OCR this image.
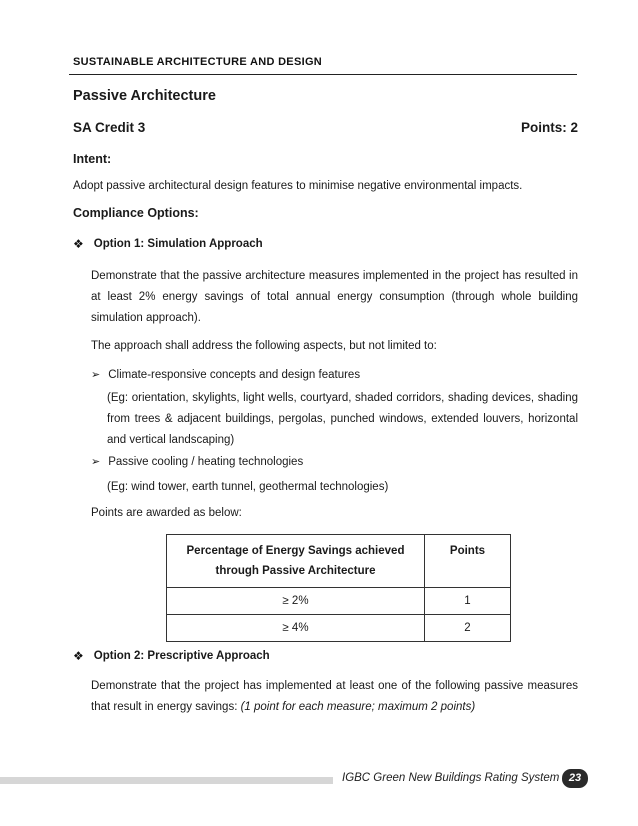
SUSTAINABLE ARCHITECTURE AND DESIGN
Passive Architecture
SA Credit 3	Points: 2
Intent:
Adopt passive architectural design features to minimise negative environmental impacts.
Compliance Options:
❖ Option 1: Simulation Approach
Demonstrate that the passive architecture measures implemented in the project has resulted in at least 2% energy savings of total annual energy consumption (through whole building simulation approach).
The approach shall address the following aspects, but not limited to:
➢ Climate-responsive concepts and design features
(Eg: orientation, skylights, light wells, courtyard, shaded corridors, shading devices, shading from trees & adjacent buildings, pergolas, punched windows, extended louvers, horizontal and vertical landscaping)
➢ Passive cooling / heating technologies
(Eg: wind tower, earth tunnel, geothermal technologies)
Points are awarded as below:
Percentage of Energy Savings achieved through Passive Architecture	Points
≥ 2%	1
≥ 4%	2
❖ Option 2: Prescriptive Approach
Demonstrate that the project has implemented at least one of the following passive measures that result in energy savings: (1 point for each measure; maximum 2 points)
IGBC Green New Buildings Rating System 23
